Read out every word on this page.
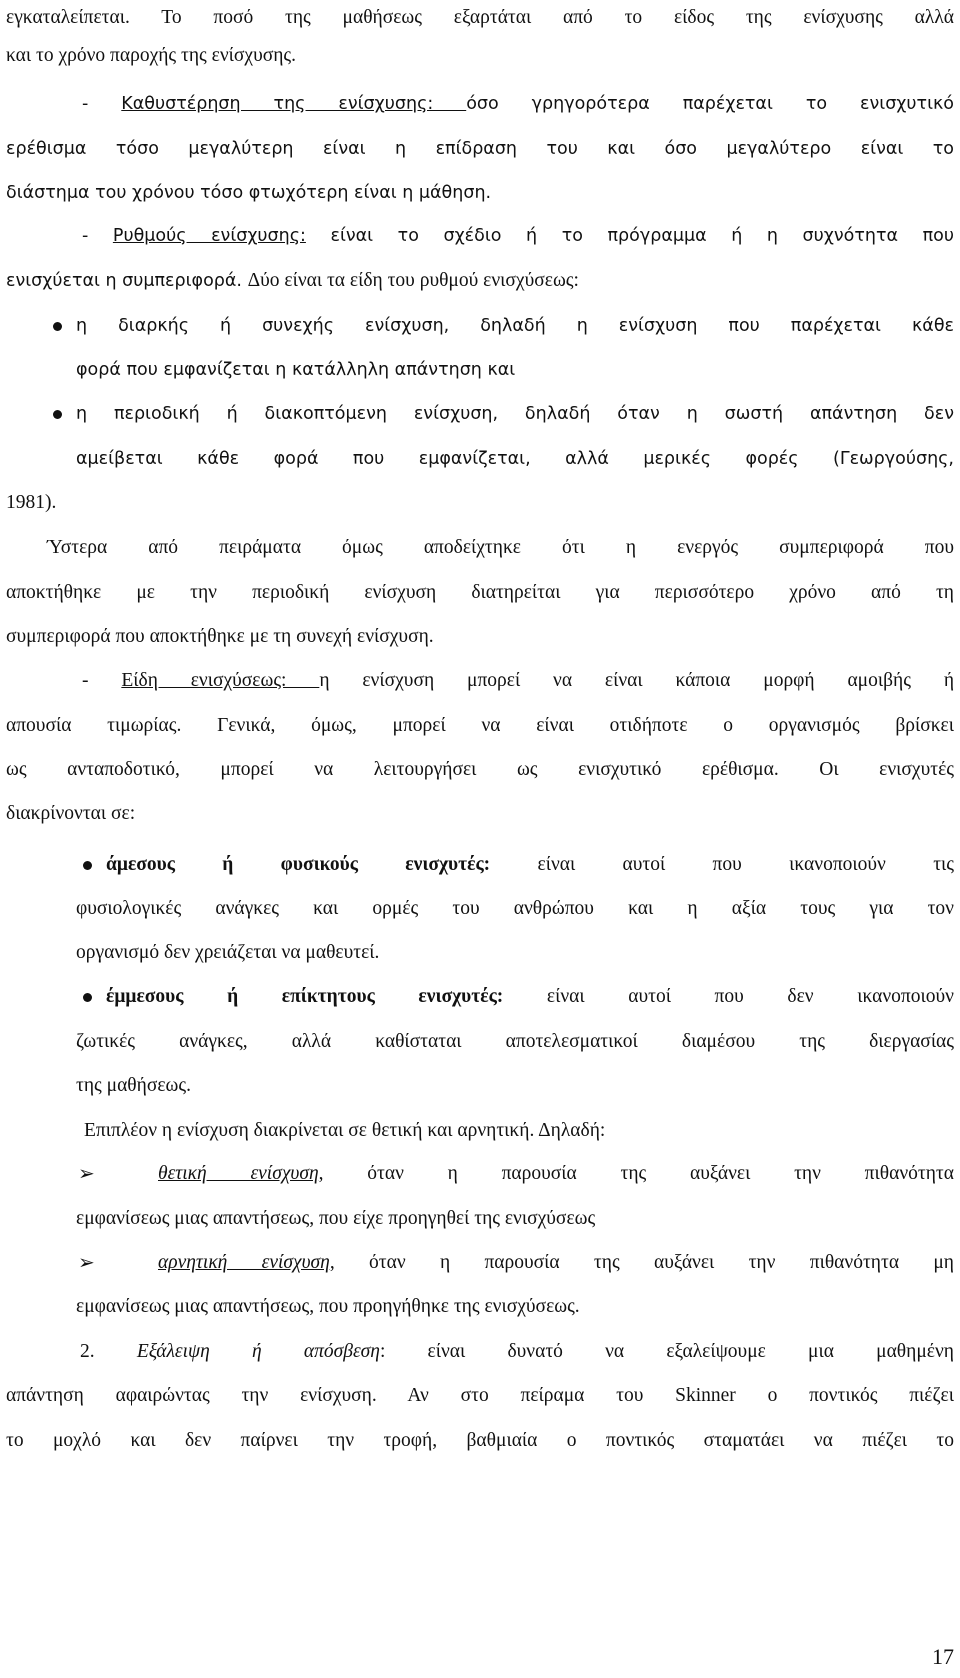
εγκαταλείπεται. Το ποσό της μαθήσεως εξαρτάται από το είδος της ενίσχυσης αλλά
και το χρόνο παροχής της ενίσχυσης.
- Καθυστέρηση της ενίσχυσης: όσο γρηγορότερα παρέχεται το ενισχυτικό
ερέθισμα τόσο μεγαλύτερη είναι η επίδραση του και όσο μεγαλύτερο είναι το
διάστημα του χρόνου τόσο φτωχότερη είναι η μάθηση.
- Ρυθμούς ενίσχυσης: είναι το σχέδιο ή το πρόγραμμα ή η συχνότητα που
ενισχύεται η συμπεριφορά. Δύο είναι τα είδη του ρυθμού ενισχύσεως:
η διαρκής ή συνεχής ενίσχυση, δηλαδή η ενίσχυση που παρέχεται κάθε
φορά που εμφανίζεται η κατάλληλη απάντηση και
η περιοδική ή διακοπτόμενη ενίσχυση, δηλαδή όταν η σωστή απάντηση δεν
αμείβεται κάθε φορά που εμφανίζεται, αλλά μερικές φορές (Γεωργούσης,
1981).
Ύστερα από πειράματα όμως αποδείχτηκε ότι η ενεργός συμπεριφορά που
αποκτήθηκε με την περιοδική ενίσχυση διατηρείται για περισσότερο χρόνο από τη
συμπεριφορά που αποκτήθηκε με τη συνεχή ενίσχυση.
- Είδη ενισχύσεως: η ενίσχυση μπορεί να είναι κάποια μορφή αμοιβής ή
απουσία τιμωρίας. Γενικά, όμως, μπορεί να είναι οτιδήποτε ο οργανισμός βρίσκει
ως ανταποδοτικό, μπορεί να λειτουργήσει ως ενισχυτικό ερέθισμα. Οι ενισχυτές
διακρίνονται σε:
άμεσους ή φυσικούς ενισχυτές: είναι αυτοί που ικανοποιούν τις
φυσιολογικές ανάγκες και ορμές του ανθρώπου και η αξία τους για τον
οργανισμό δεν χρειάζεται να μαθευτεί.
έμμεσους ή επίκτητους ενισχυτές: είναι αυτοί που δεν ικανοποιούν
ζωτικές ανάγκες, αλλά καθίσταται αποτελεσματικοί διαμέσου της διεργασίας
της μαθήσεως.
Επιπλέον η ενίσχυση διακρίνεται σε θετική και αρνητική. Δηλαδή:
➢	θετική ενίσχυση, όταν η παρουσία της αυξάνει την πιθανότητα
εμφανίσεως μιας απαντήσεως, που είχε προηγηθεί της ενισχύσεως
➢	αρνητική ενίσχυση, όταν η παρουσία της αυξάνει την πιθανότητα μη
εμφανίσεως μιας απαντήσεως, που προηγήθηκε της ενισχύσεως.
2. Εξάλειψη ή απόσβεση: είναι δυνατό να εξαλείψουμε μια μαθημένη
απάντηση αφαιρώντας την ενίσχυση. Αν στο πείραμα του Skinner ο ποντικός πιέζει
το μοχλό και δεν παίρνει την τροφή, βαθμιαία ο ποντικός σταματάει να πιέζει το
17
